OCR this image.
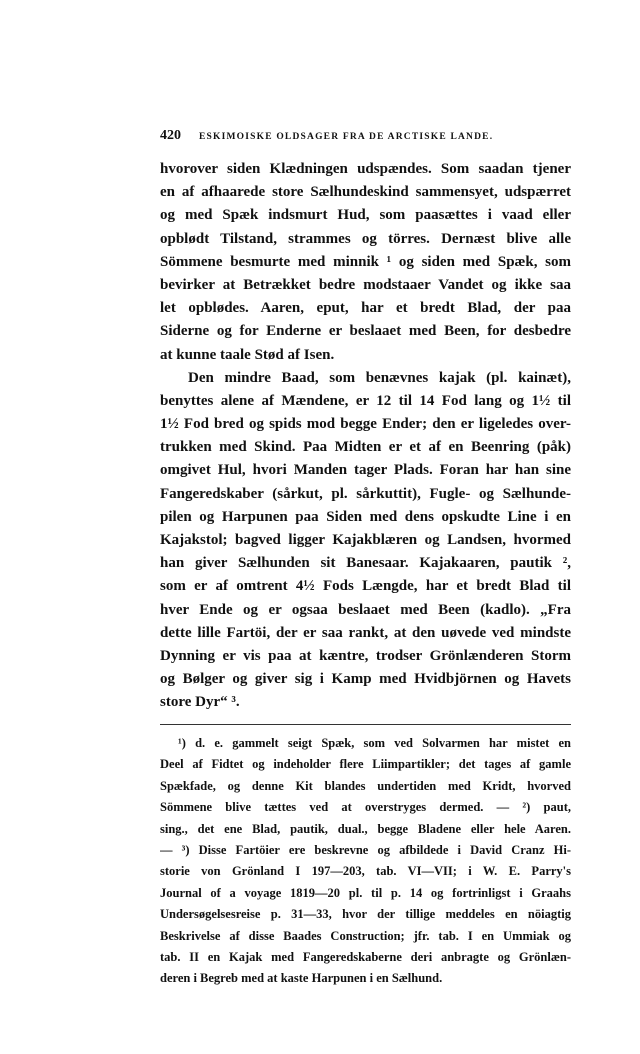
420 ESKIMOISKE OLDSAGER FRA DE ARCTISKE LANDE.
hvorover siden Klædningen udspændes. Som saadan tjener
en af afhaarede store Sælhundeskind sammensyet, udspærret
og med Spæk indsmurt Hud, som paasættes i vaad eller
opblødt Tilstand, strammes og törres. Dernæst blive alle
Sömmene besmurte med minnik ¹ og siden med Spæk, som
bevirker at Betrækket bedre modstaaer Vandet og ikke saa
let opblødes. Aaren, eput, har et bredt Blad, der paa
Siderne og for Enderne er beslaaet med Been, for desbedre
at kunne taale Stød af Isen.
Den mindre Baad, som benævnes kajak (pl. kainæt),
benyttes alene af Mændene, er 12 til 14 Fod lang og 1½ til
1½ Fod bred og spids mod begge Ender; den er ligeledes over-
trukken med Skind. Paa Midten er et af en Beenring (påk)
omgivet Hul, hvori Manden tager Plads. Foran har han sine
Fangeredskaber (sårkut, pl. sårkuttit), Fugle- og Sælhunde-
pilen og Harpunen paa Siden med dens opskudte Line i en
Kajakstol; bagved ligger Kajakblæren og Landsen, hvormed
han giver Sælhunden sit Banesaar. Kajakaaren, pautik ²,
som er af omtrent 4½ Fods Længde, har et bredt Blad til
hver Ende og er ogsaa beslaaet med Been (kadlo). „Fra
dette lille Fartöi, der er saa rankt, at den uøvede ved mindste
Dynning er vis paa at kæntre, trodser Grönlænderen Storm
og Bølger og giver sig i Kamp med Hvidbjörnen og Havets
store Dyr“ ³.
¹) d. e. gammelt seigt Spæk, som ved Solvarmen har mistet en
Deel af Fidtet og indeholder flere Liimpartikler; det tages af gamle
Spækfade, og denne Kit blandes undertiden med Kridt, hvorved
Sömmene blive tættes ved at overstryges dermed. — ²) paut,
sing., det ene Blad, pautik, dual., begge Bladene eller hele Aaren.
— ³) Disse Fartöier ere beskrevne og afbildede i David Cranz Hi-
storie von Grönland I 197—203, tab. VI—VII; i W. E. Parry's
Journal of a voyage 1819—20 pl. til p. 14 og fortrinligst i Graahs
Undersøgelsesreise p. 31—33, hvor der tillige meddeles en nöiagtig
Beskrivelse af disse Baades Construction; jfr. tab. I en Ummiak og
tab. II en Kajak med Fangeredskaberne deri anbragte og Grönlæn-
deren i Begreb med at kaste Harpunen i en Sælhund.
